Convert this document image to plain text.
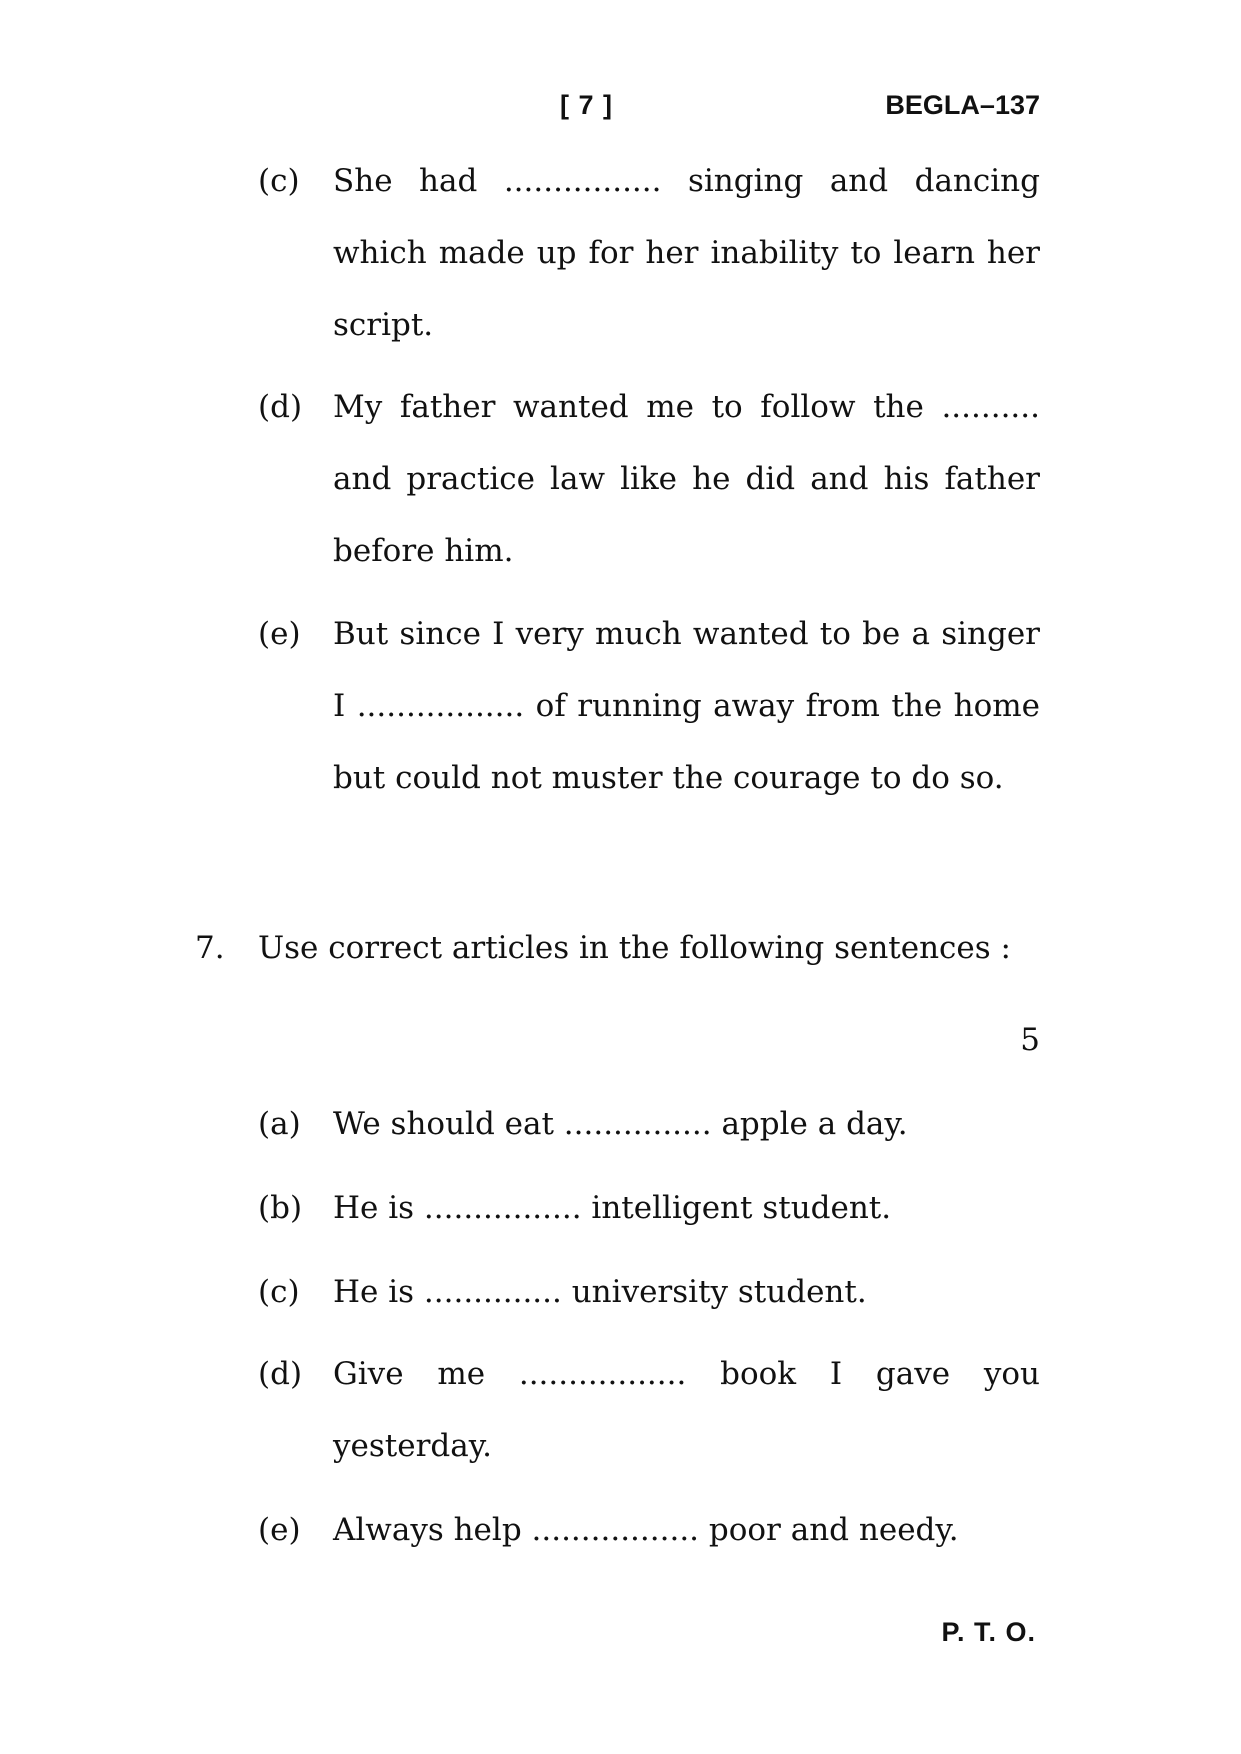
[ 7 ]	BEGLA–137
(c) She had ................ singing and dancing which made up for her inability to learn her script.
(d) My father wanted me to follow the .......... and practice law like he did and his father before him.
(e) But since I very much wanted to be a singer I ................. of running away from the home but could not muster the courage to do so.
7. Use correct articles in the following sentences :
5
(a) We should eat ............... apple a day.
(b) He is ................ intelligent student.
(c) He is .............. university student.
(d) Give me ................. book I gave you yesterday.
(e) Always help ................. poor and needy.
P. T. O.
